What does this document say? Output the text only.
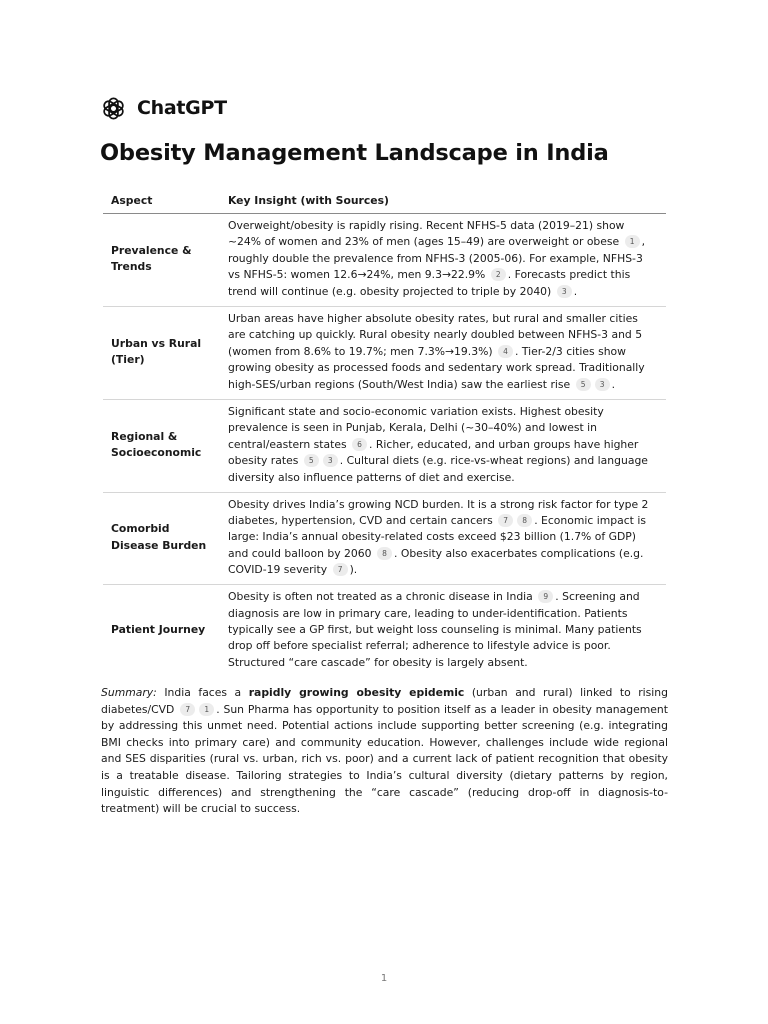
ChatGPT
Obesity Management Landscape in India
Aspect	Key Insight (with Sources)
Prevalence & Trends	Overweight/obesity is rapidly rising. Recent NFHS-5 data (2019–21) show ~24% of women and 23% of men (ages 15–49) are overweight or obese 1 , roughly double the prevalence from NFHS-3 (2005-06). For example, NFHS-3 vs NFHS-5: women 12.6→24%, men 9.3→22.9% 2 . Forecasts predict this trend will continue (e.g. obesity projected to triple by 2040) 3 .
Urban vs Rural (Tier)	Urban areas have higher absolute obesity rates, but rural and smaller cities are catching up quickly. Rural obesity nearly doubled between NFHS-3 and 5 (women from 8.6% to 19.7%; men 7.3%→19.3%) 4 . Tier-2/3 cities show growing obesity as processed foods and sedentary work spread. Traditionally high-SES/urban regions (South/West India) saw the earliest rise 5 3 .
Regional & Socioeconomic	Significant state and socio-economic variation exists. Highest obesity prevalence is seen in Punjab, Kerala, Delhi (~30–40%) and lowest in central/eastern states 6 . Richer, educated, and urban groups have higher obesity rates 5 3 . Cultural diets (e.g. rice-vs-wheat regions) and language diversity also influence patterns of diet and exercise.
Comorbid Disease Burden	Obesity drives India’s growing NCD burden. It is a strong risk factor for type 2 diabetes, hypertension, CVD and certain cancers 7 8 . Economic impact is large: India’s annual obesity-related costs exceed $23 billion (1.7% of GDP) and could balloon by 2060 8 . Obesity also exacerbates complications (e.g. COVID-19 severity 7 ).
Patient Journey	Obesity is often not treated as a chronic disease in India 9 . Screening and diagnosis are low in primary care, leading to under-identification. Patients typically see a GP first, but weight loss counseling is minimal. Many patients drop off before specialist referral; adherence to lifestyle advice is poor. Structured “care cascade” for obesity is largely absent.

Summary: India faces a rapidly growing obesity epidemic (urban and rural) linked to rising diabetes/CVD 7 1 . Sun Pharma has opportunity to position itself as a leader in obesity management by addressing this unmet need. Potential actions include supporting better screening (e.g. integrating BMI checks into primary care) and community education. However, challenges include wide regional and SES disparities (rural vs. urban, rich vs. poor) and a current lack of patient recognition that obesity is a treatable disease. Tailoring strategies to India’s cultural diversity (dietary patterns by region, linguistic differences) and strengthening the “care cascade” (reducing drop-off in diagnosis-to-treatment) will be crucial to success.

1
